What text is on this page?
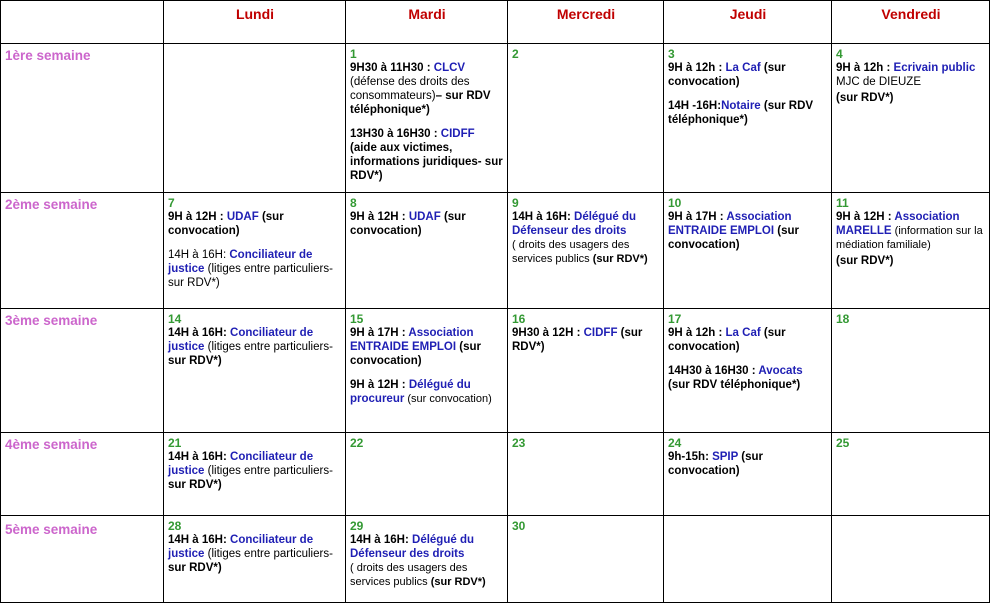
	Lundi	Mardi	Mercredi	Jeudi	Vendredi
1ère semaine		1
9H30 à 11H30 : CLCV
(défense des droits des consommateurs)– sur RDV téléphonique*)
13H30 à 16H30 : CIDFF
(aide aux victimes, informations juridiques- sur RDV*)	2	3
9H à 12h : La Caf (sur convocation)
14H -16H:Notaire (sur RDV téléphonique*)	4
9H à 12h : Ecrivain public
MJC de DIEUZE
(sur RDV*)

2ème semaine	7
9H à 12H : UDAF (sur convocation)
14H à 16H: Conciliateur de justice (litiges entre particuliers- sur RDV*)	8
9H à 12H : UDAF (sur convocation)	9
14H à 16H: Délégué du Défenseur des droits
( droits des usagers des services publics (sur RDV*)	10
9H à 17H : Association ENTRAIDE EMPLOI (sur convocation)	11
9H à 12H : Association MARELLE (information sur la médiation familiale)
(sur RDV*)

3ème semaine	14
14H à 16H: Conciliateur de justice (litiges entre particuliers- sur RDV*)	15
9H à 17H : Association ENTRAIDE EMPLOI (sur convocation)
9H à 12H : Délégué du procureur (sur convocation)	16
9H30 à 12H : CIDFF (sur RDV*)	17
9H à 12h : La Caf (sur convocation)
14H30 à 16H30 : Avocats
(sur RDV téléphonique*)	18

4ème semaine	21
14H à 16H: Conciliateur de justice (litiges entre particuliers- sur RDV*)	22	23	24
9h-15h: SPIP (sur convocation)	25

5ème semaine	28
14H à 16H: Conciliateur de justice (litiges entre particuliers- sur RDV*)	29
14H à 16H: Délégué du Défenseur des droits
( droits des usagers des services publics (sur RDV*)	30		
